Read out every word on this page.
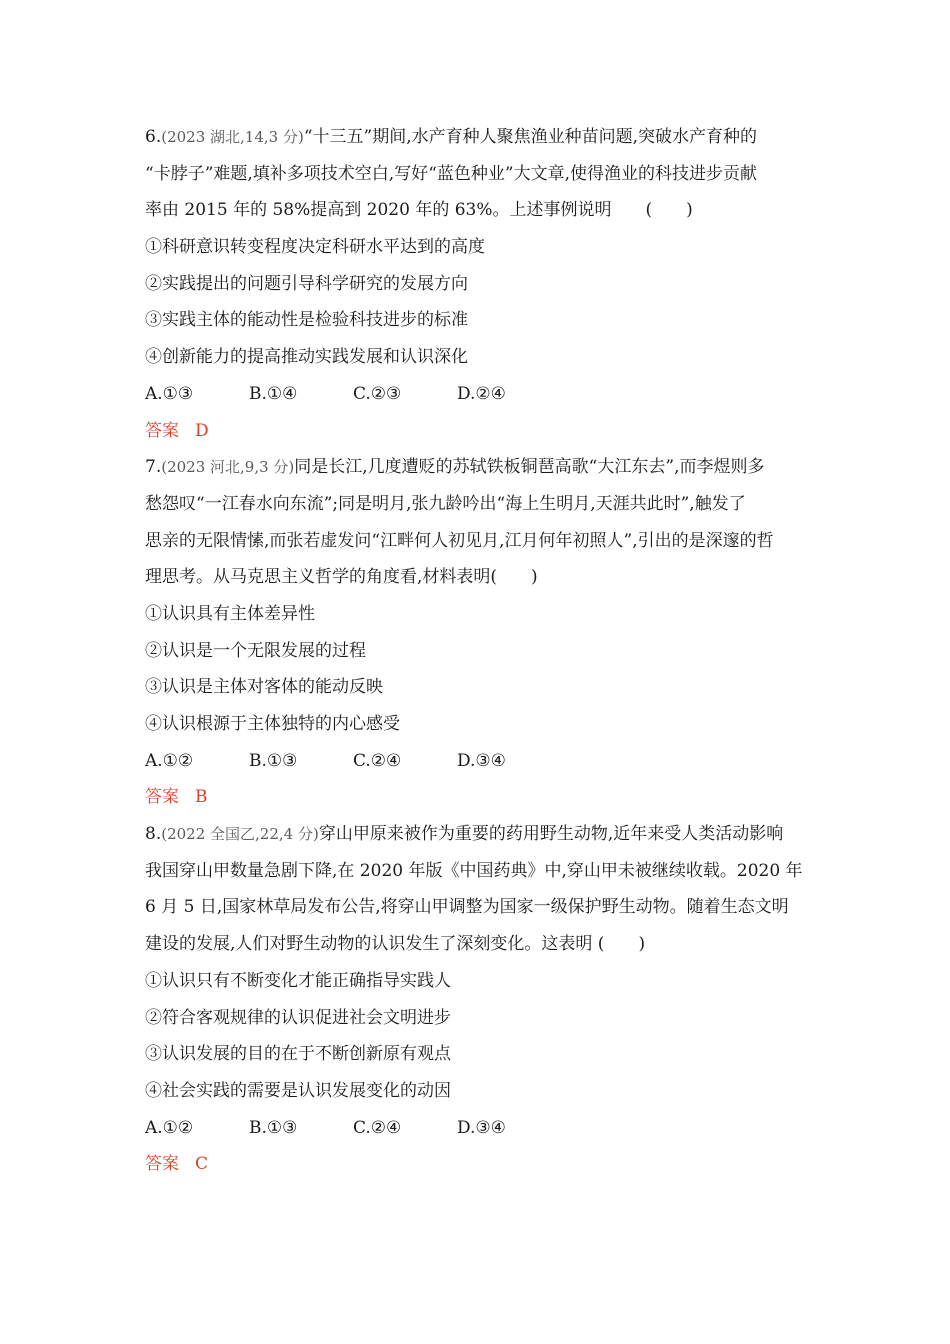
6.(2023 湖北,14,3 分)“十三五”期间,水产育种人聚焦渔业种苗问题,突破水产育种的

“卡脖子”难题,填补多项技术空白,写好“蓝色种业”大文章,使得渔业的科技进步贡献

率由 2015 年的 58%提高到 2020 年的 63%。上述事例说明　　(　　)

①科研意识转变程度决定科研水平达到的高度
②实践提出的问题引导科学研究的发展方向
③实践主体的能动性是检验科技进步的标准
④创新能力的提高推动实践发展和认识深化
A.①③	B.①④	C.②③	D.②④
答案 D

7.(2023 河北,9,3 分)同是长江,几度遭贬的苏轼铁板铜琶高歌“大江东去”,而李煜则多

愁怨叹“一江春水向东流”;同是明月,张九龄吟出“海上生明月,天涯共此时”,触发了

思亲的无限情愫,而张若虚发问“江畔何人初见月,江月何年初照人”,引出的是深邃的哲

理思考。从马克思主义哲学的角度看,材料表明(　　)

①认识具有主体差异性
②认识是一个无限发展的过程
③认识是主体对客体的能动反映
④认识根源于主体独特的内心感受
A.①②	B.①③	C.②④	D.③④
答案 B

8.(2022 全国乙,22,4 分)穿山甲原来被作为重要的药用野生动物,近年来受人类活动影响

我国穿山甲数量急剧下降,在 2020 年版《中国药典》中,穿山甲未被继续收载。2020 年

6 月 5 日,国家林草局发布公告,将穿山甲调整为国家一级保护野生动物。随着生态文明

建设的发展,人们对野生动物的认识发生了深刻变化。这表明 (　　)

①认识只有不断变化才能正确指导实践人
②符合客观规律的认识促进社会文明进步
③认识发展的目的在于不断创新原有观点
④社会实践的需要是认识发展变化的动因
A.①②	B.①③	C.②④	D.③④
答案 C
